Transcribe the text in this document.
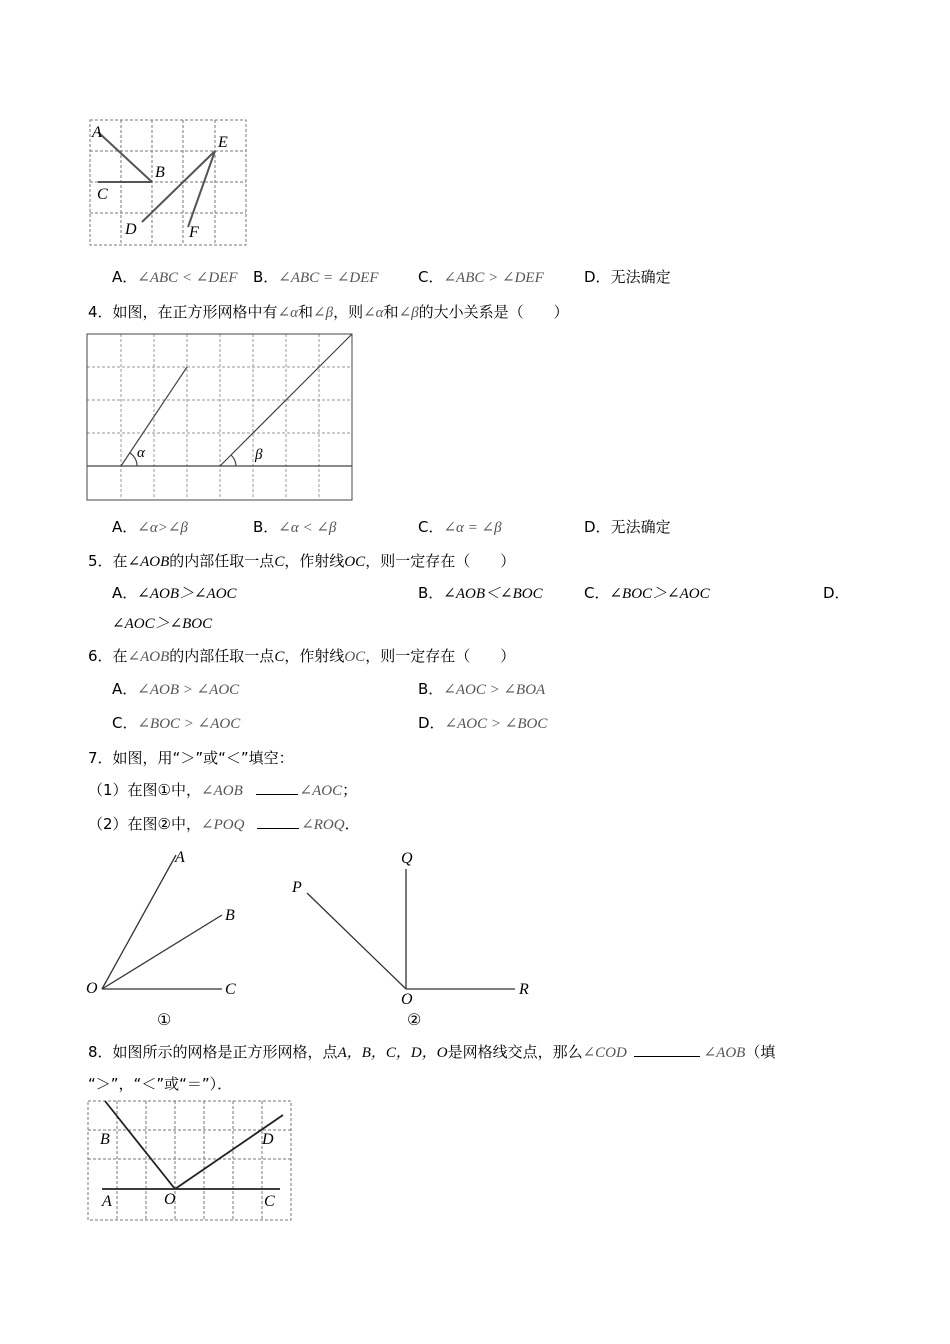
A
B
C
D
E
F
A．∠ABC < ∠DEF B．∠ABC = ∠DEF	C．∠ABC > ∠DEF	D．无法确定
4．如图，在正方形网格中有∠α和∠β，则∠α和∠β的大小关系是（　　）
α	β
A．∠α>∠β	B．∠α < ∠β	C．∠α = ∠β	D．无法确定
5．在∠AOB的内部任取一点C，作射线OC，则一定存在（　　）
A．∠AOB＞∠AOC	B．∠AOB＜∠BOC	C．∠BOC＞∠AOC	D．
∠AOC＞∠BOC
6．在∠AOB的内部任取一点C，作射线OC，则一定存在（　　）
A．∠AOB > ∠AOC	B．∠AOC > ∠BOA
C．∠BOC > ∠AOC	D．∠AOC > ∠BOC
7．如图，用“＞”或“＜”填空：
（1）在图①中，∠AOB	∠AOC；
（2）在图②中，∠POQ	∠ROQ．
A
B
C
O
①
Q
P
O
R
②
8．如图所示的网格是正方形网格，点A，B，C，D，O是网格线交点，那么∠COD	∠AOB（填
“＞”，“＜”或“＝”）．
B	D
A	O	C
